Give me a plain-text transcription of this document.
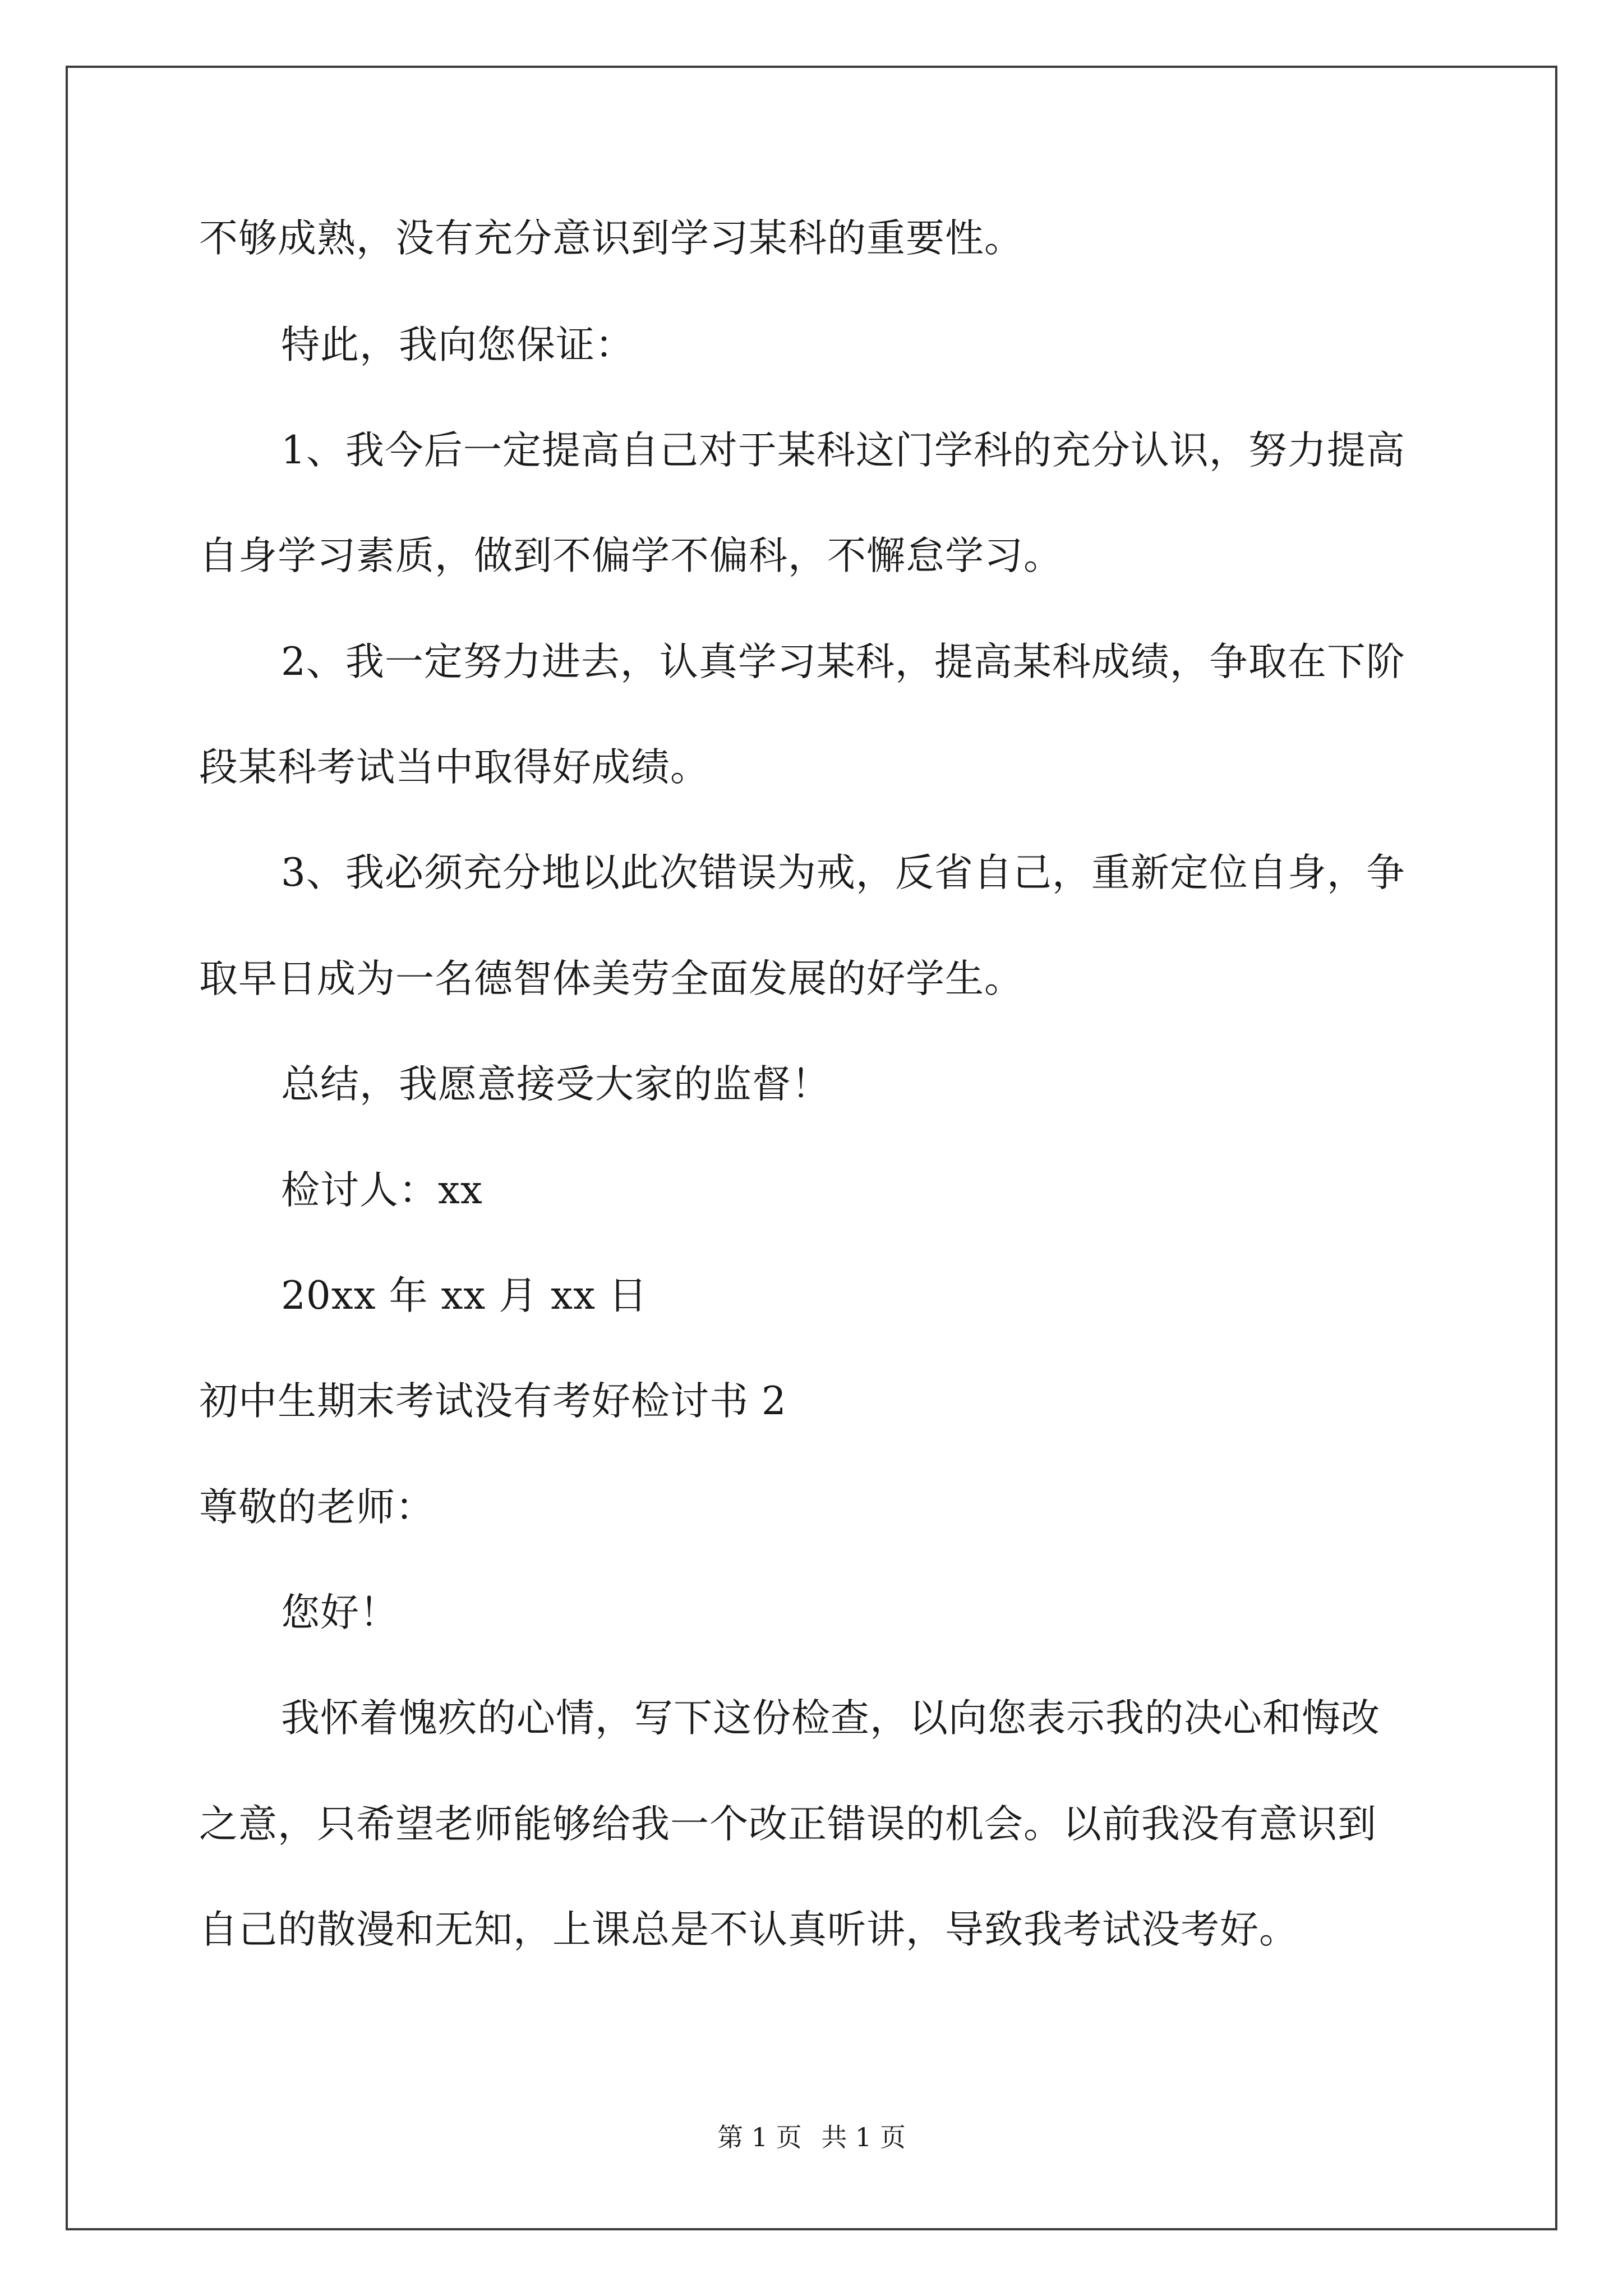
不够成熟，没有充分意识到学习某科的重要性。
特此，我向您保证：
1、我今后一定提高自己对于某科这门学科的充分认识，努力提高
自身学习素质，做到不偏学不偏科，不懈怠学习。
2、我一定努力进去，认真学习某科，提高某科成绩，争取在下阶
段某科考试当中取得好成绩。
3、我必须充分地以此次错误为戒，反省自己，重新定位自身，争
取早日成为一名德智体美劳全面发展的好学生。
总结，我愿意接受大家的监督！
检讨人：xx
20xx 年 xx 月 xx 日
初中生期末考试没有考好检讨书 2
尊敬的老师：
您好！
我怀着愧疚的心情，写下这份检查，以向您表示我的决心和悔改
之意，只希望老师能够给我一个改正错误的机会。以前我没有意识到
自己的散漫和无知，上课总是不认真听讲，导致我考试没考好。
第 1 页 共 1 页
